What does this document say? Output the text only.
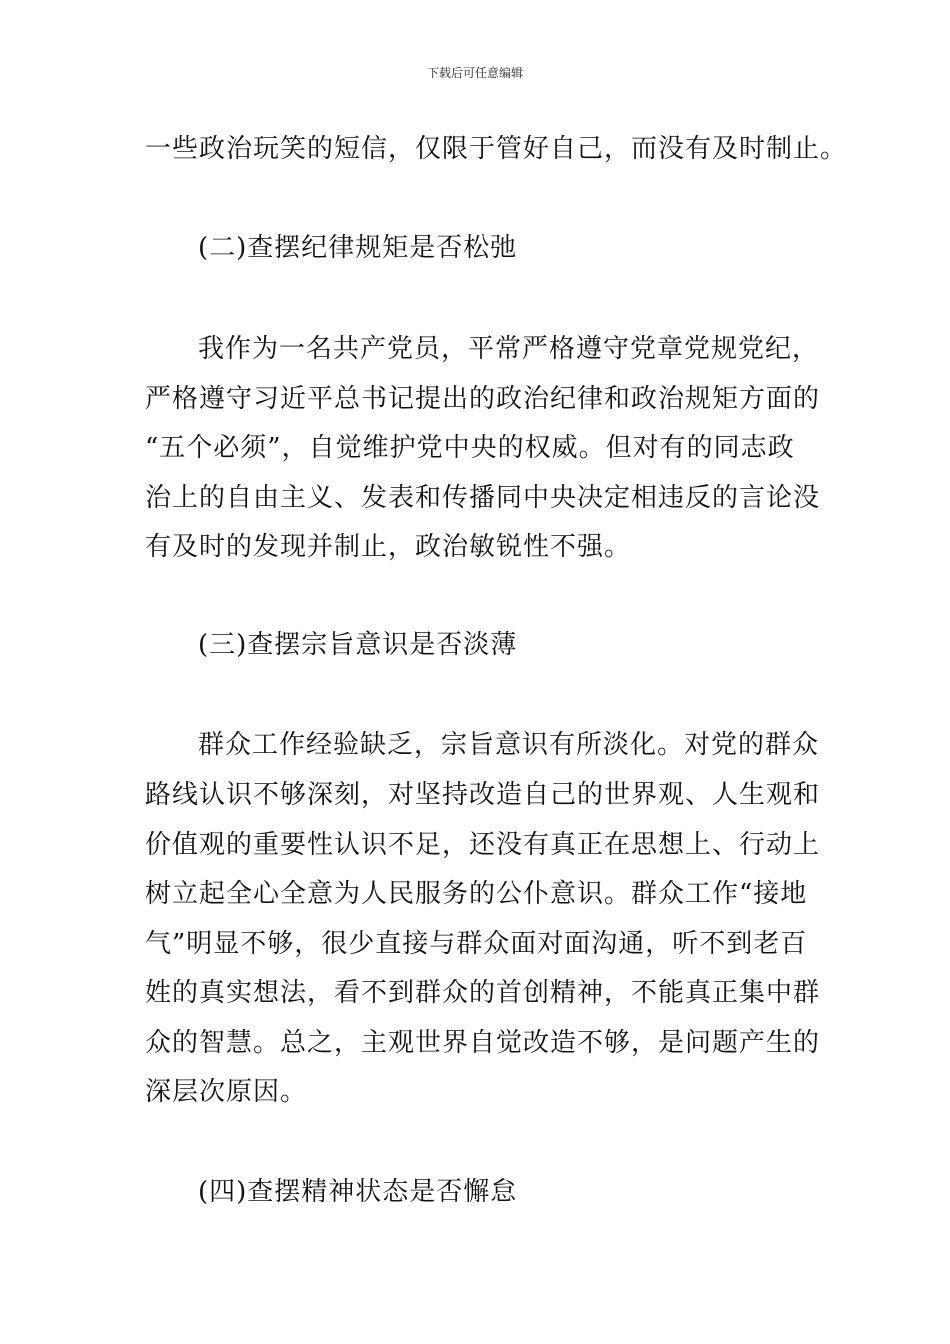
下载后可任意编辑
一些政治玩笑的短信，仅限于管好自己，而没有及时制止。
(二)查摆纪律规矩是否松弛
我作为一名共产党员，平常严格遵守党章党规党纪，
严格遵守习近平总书记提出的政治纪律和政治规矩方面的
“五个必须”，自觉维护党中央的权威。但对有的同志政
治上的自由主义、发表和传播同中央决定相违反的言论没
有及时的发现并制止，政治敏锐性不强。
(三)查摆宗旨意识是否淡薄
群众工作经验缺乏，宗旨意识有所淡化。对党的群众
路线认识不够深刻，对坚持改造自己的世界观、人生观和
价值观的重要性认识不足，还没有真正在思想上、行动上
树立起全心全意为人民服务的公仆意识。群众工作“接地
气”明显不够，很少直接与群众面对面沟通，听不到老百
姓的真实想法，看不到群众的首创精神，不能真正集中群
众的智慧。总之，主观世界自觉改造不够，是问题产生的
深层次原因。
(四)查摆精神状态是否懈怠
